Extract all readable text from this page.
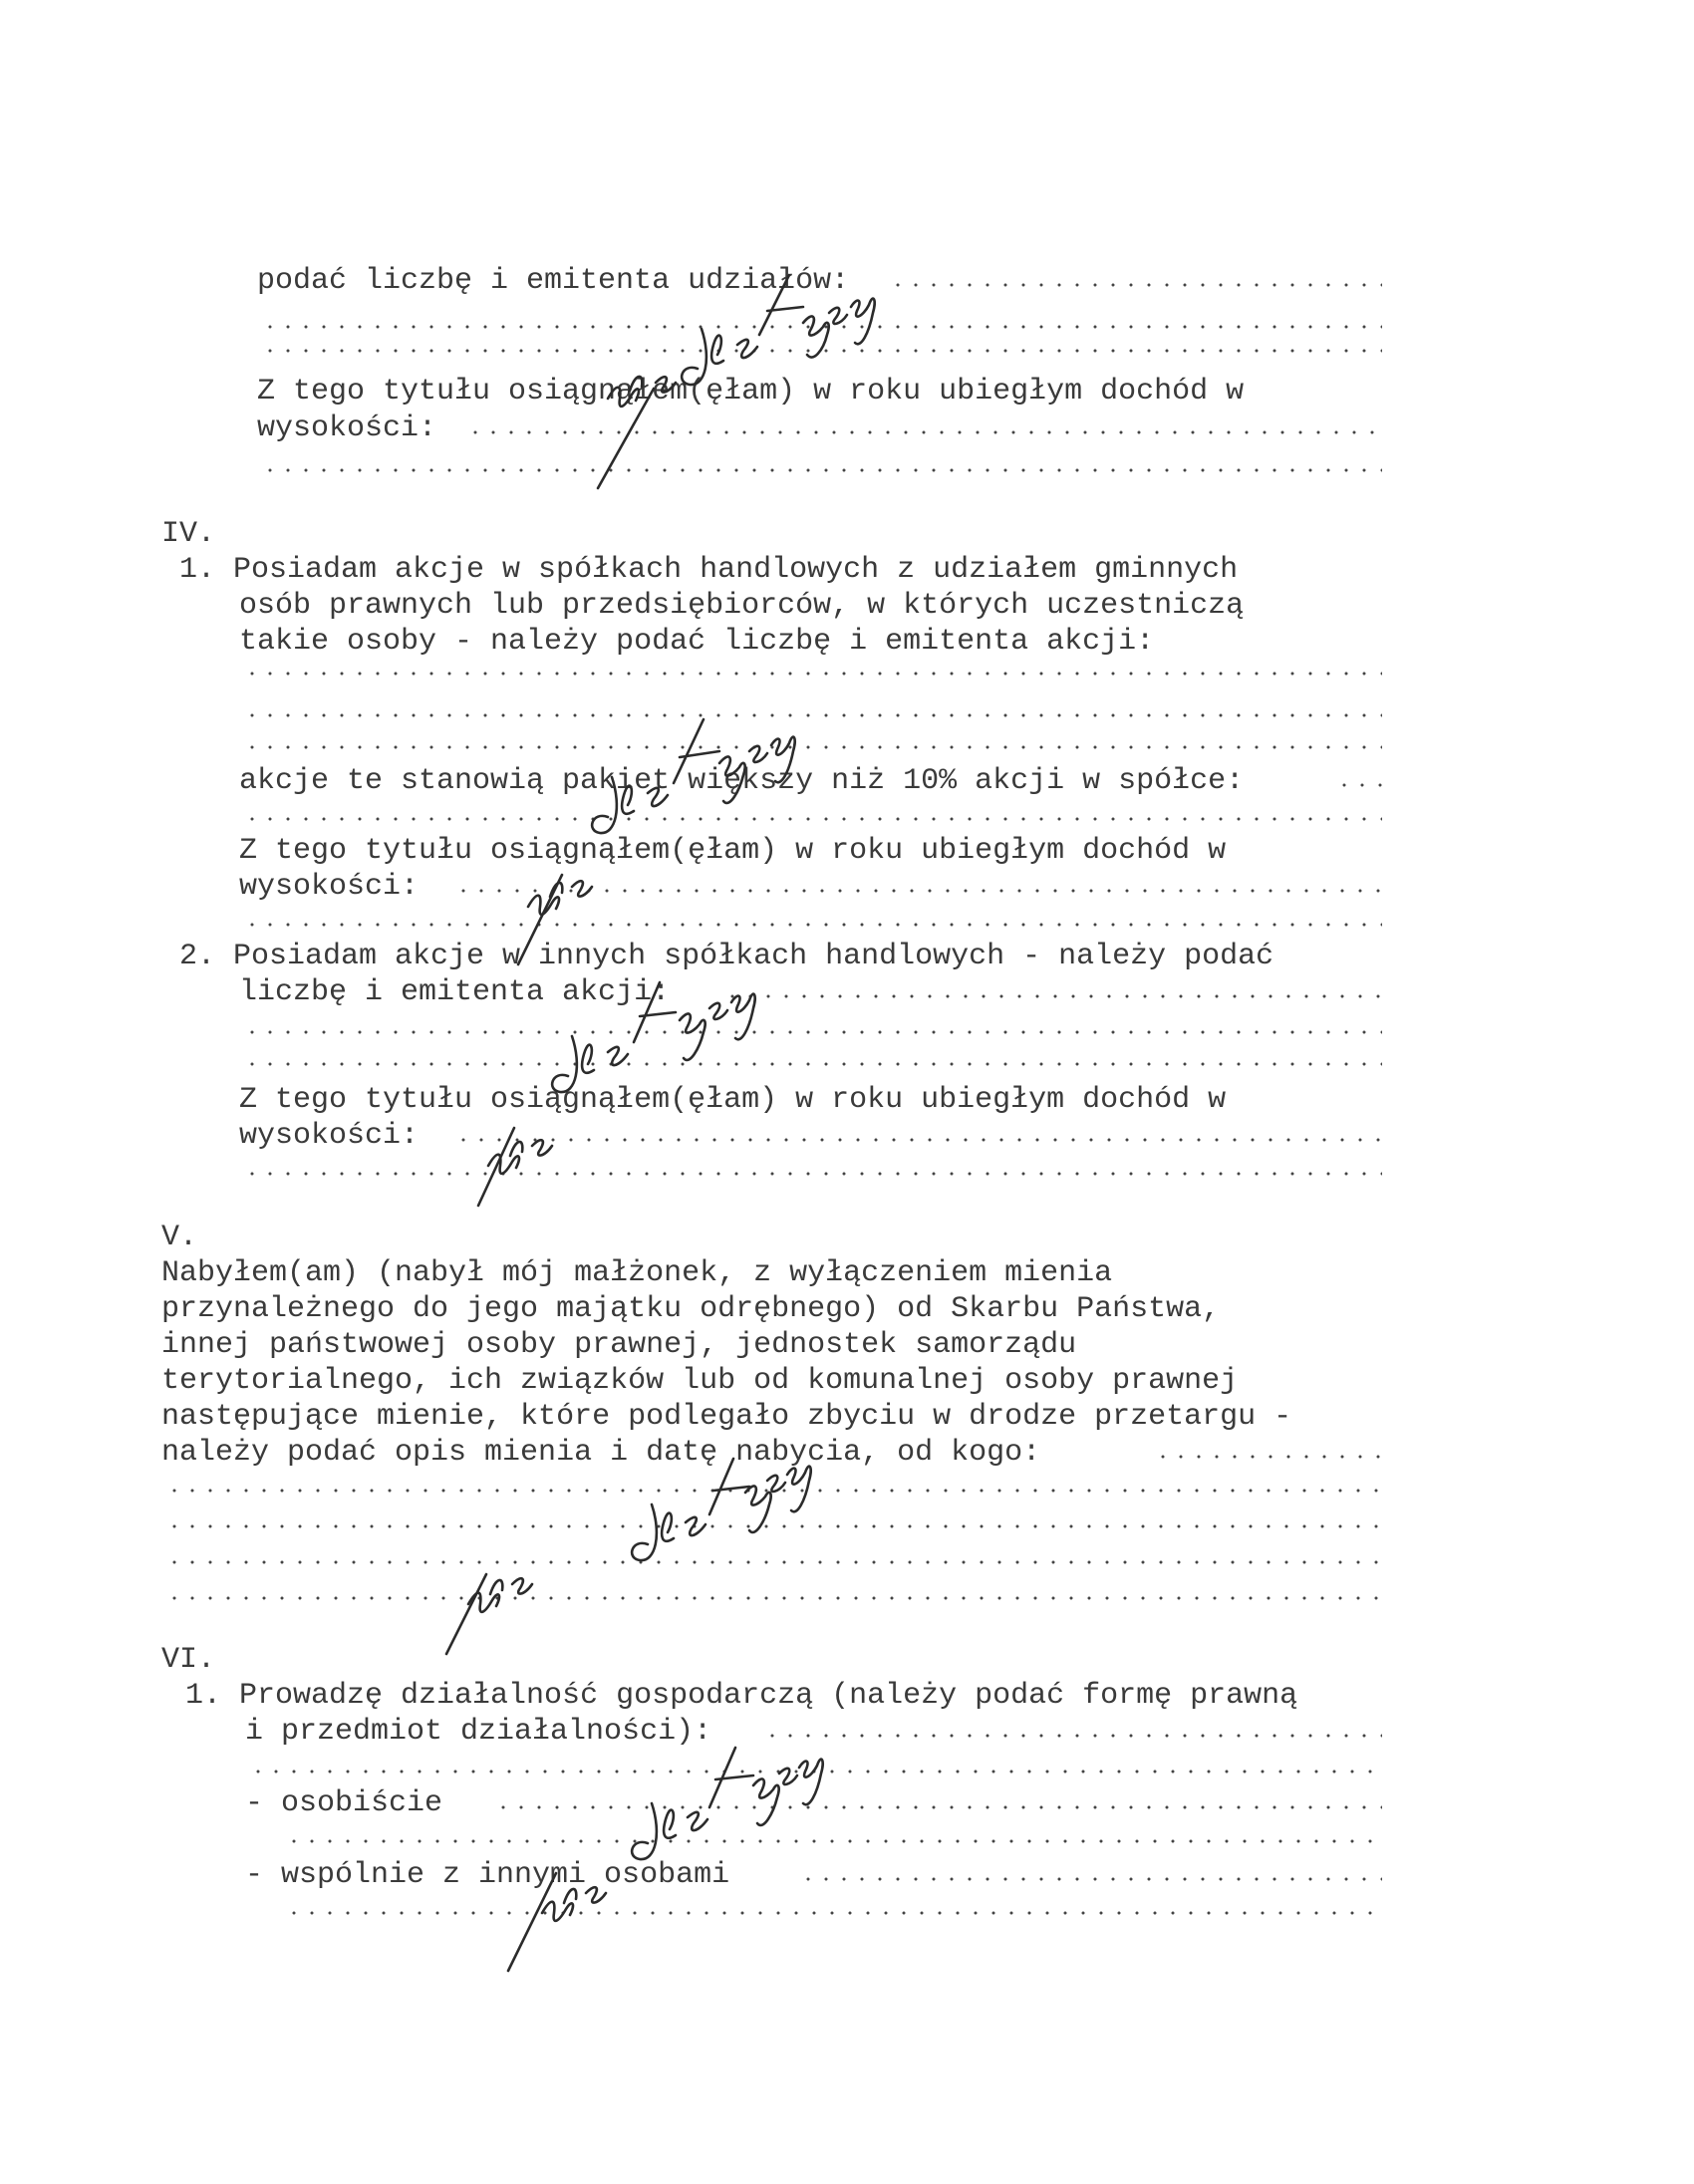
podać liczbę i emitenta udziałów:

Z tego tytułu osiągnąłem(ęłam) w roku ubiegłym dochód w

wysokości:

IV.

1. Posiadam akcje w spółkach handlowych z udziałem gminnych

osób prawnych lub przedsiębiorców, w których uczestniczą

takie osoby - należy podać liczbę i emitenta akcji:

akcje te stanowią pakiet większy niż 10% akcji w spółce:

Z tego tytułu osiągnąłem(ęłam) w roku ubiegłym dochód w

wysokości:

2. Posiadam akcje w innych spółkach handlowych - należy podać

liczbę i emitenta akcji:

Z tego tytułu osiągnąłem(ęłam) w roku ubiegłym dochód w

wysokości:

V.

Nabyłem(am) (nabył mój małżonek, z wyłączeniem mienia

przynależnego do jego majątku odrębnego) od Skarbu Państwa,

innej państwowej osoby prawnej, jednostek samorządu

terytorialnego, ich związków lub od komunalnej osoby prawnej

następujące mienie, które podlegało zbyciu w drodze przetargu -

należy podać opis mienia i datę nabycia, od kogo:

VI.

1. Prowadzę działalność gospodarczą (należy podać formę prawną

i przedmiot działalności):

- osobiście

- wspólnie z innymi osobami
